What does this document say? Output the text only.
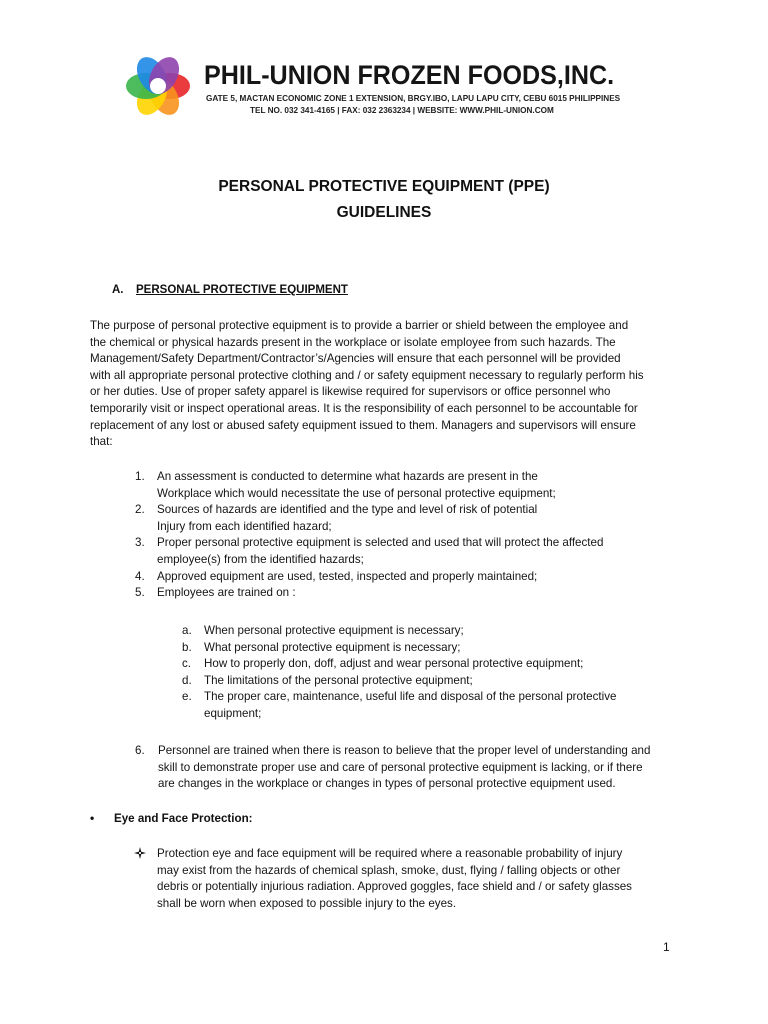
PHIL-UNION FROZEN FOODS,INC.
GATE 5, MACTAN ECONOMIC ZONE 1 EXTENSION, BRGY.IBO, LAPU LAPU CITY, CEBU 6015 PHILIPPINES
TEL NO. 032 341-4165 | FAX: 032 2363234 | WEBSITE: WWW.PHIL-UNION.COM
PERSONAL PROTECTIVE EQUIPMENT (PPE)
GUIDELINES
A. PERSONAL PROTECTIVE EQUIPMENT
The purpose of personal protective equipment is to provide a barrier or shield between the employee and
the chemical or physical hazards present in the workplace or isolate employee from such hazards. The
Management/Safety Department/Contractor’s/Agencies will ensure that each personnel will be provided
with all appropriate personal protective clothing and / or safety equipment necessary to regularly perform his
or her duties. Use of proper safety apparel is likewise required for supervisors or office personnel who
temporarily visit or inspect operational areas. It is the responsibility of each personnel to be accountable for
replacement of any lost or abused safety equipment issued to them. Managers and supervisors will ensure
that:
1. An assessment is conducted to determine what hazards are present in the
Workplace which would necessitate the use of personal protective equipment;
2. Sources of hazards are identified and the type and level of risk of potential
Injury from each identified hazard;
3. Proper personal protective equipment is selected and used that will protect the affected
employee(s) from the identified hazards;
4. Approved equipment are used, tested, inspected and properly maintained;
5. Employees are trained on :
a. When personal protective equipment is necessary;
b. What personal protective equipment is necessary;
c. How to properly don, doff, adjust and wear personal protective equipment;
d. The limitations of the personal protective equipment;
e. The proper care, maintenance, useful life and disposal of the personal protective
equipment;
6. Personnel are trained when there is reason to believe that the proper level of understanding and
skill to demonstrate proper use and care of personal protective equipment is lacking, or if there
are changes in the workplace or changes in types of personal protective equipment used.
• Eye and Face Protection:
Protection eye and face equipment will be required where a reasonable probability of injury
may exist from the hazards of chemical splash, smoke, dust, flying / falling objects or other
debris or potentially injurious radiation. Approved goggles, face shield and / or safety glasses
shall be worn when exposed to possible injury to the eyes.
1
